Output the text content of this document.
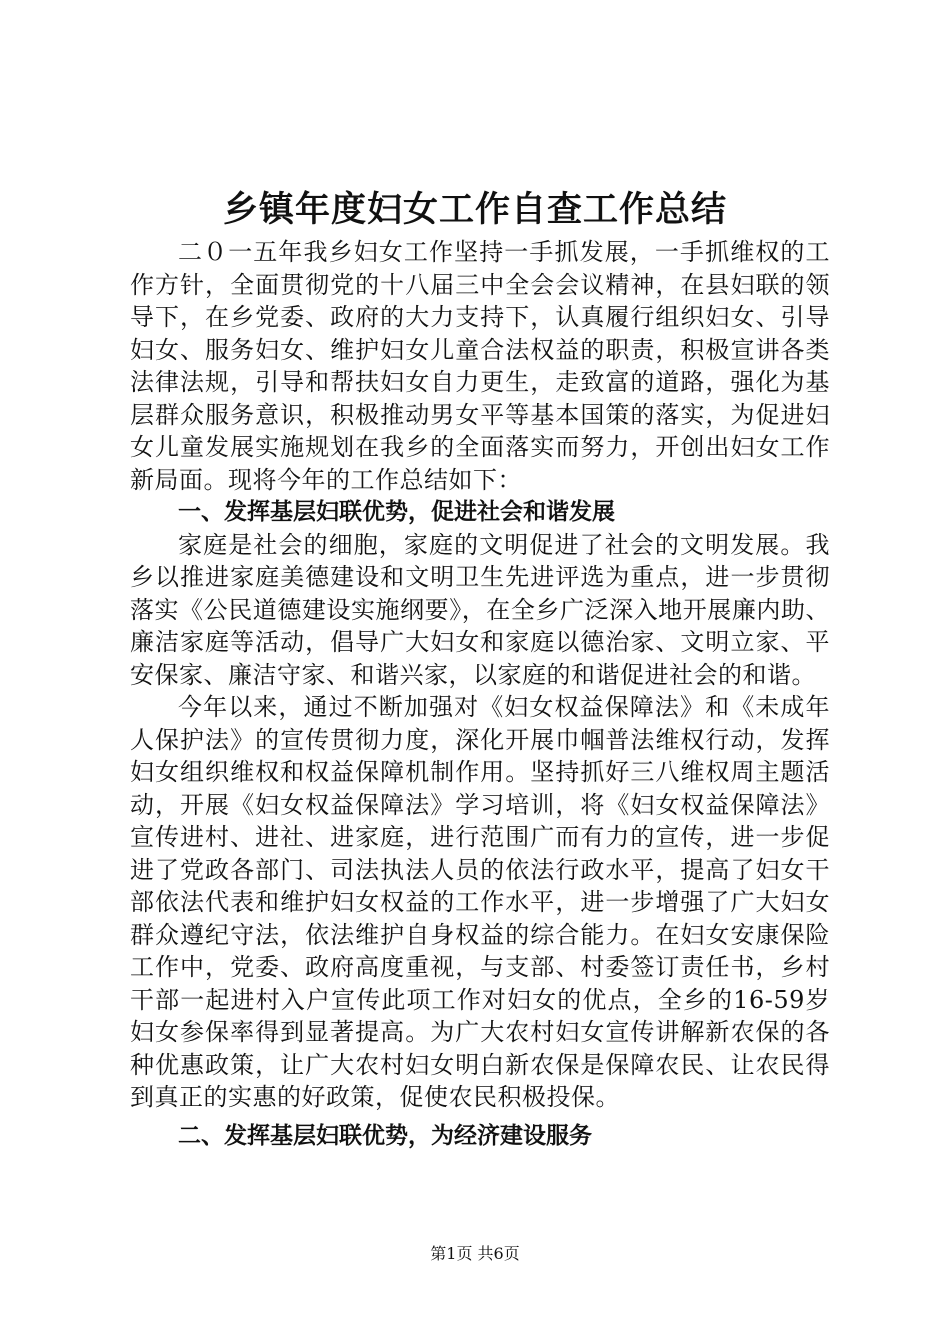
乡镇年度妇女工作自查工作总结

二０一五年我乡妇女工作坚持一手抓发展，一手抓维权的工作方针，全面贯彻党的十八届三中全会会议精神，在县妇联的领导下，在乡党委、政府的大力支持下，认真履行组织妇女、引导妇女、服务妇女、维护妇女儿童合法权益的职责，积极宣讲各类法律法规，引导和帮扶妇女自力更生，走致富的道路，强化为基层群众服务意识，积极推动男女平等基本国策的落实，为促进妇女儿童发展实施规划在我乡的全面落实而努力，开创出妇女工作新局面。现将今年的工作总结如下：

一、发挥基层妇联优势，促进社会和谐发展

家庭是社会的细胞，家庭的文明促进了社会的文明发展。我乡以推进家庭美德建设和文明卫生先进评选为重点，进一步贯彻落实《公民道德建设实施纲要》，在全乡广泛深入地开展廉内助、廉洁家庭等活动，倡导广大妇女和家庭以德治家、文明立家、平安保家、廉洁守家、和谐兴家，以家庭的和谐促进社会的和谐。

今年以来，通过不断加强对《妇女权益保障法》和《未成年人保护法》的宣传贯彻力度，深化开展巾帼普法维权行动，发挥妇女组织维权和权益保障机制作用。坚持抓好三八维权周主题活动，开展《妇女权益保障法》学习培训，将《妇女权益保障法》宣传进村、进社、进家庭，进行范围广而有力的宣传，进一步促进了党政各部门、司法执法人员的依法行政水平，提高了妇女干部依法代表和维护妇女权益的工作水平，进一步增强了广大妇女群众遵纪守法，依法维护自身权益的综合能力。在妇女安康保险工作中，党委、政府高度重视，与支部、村委签订责任书，乡村干部一起进村入户宣传此项工作对妇女的优点，全乡的16-59岁妇女参保率得到显著提高。为广大农村妇女宣传讲解新农保的各种优惠政策，让广大农村妇女明白新农保是保障农民、让农民得到真正的实惠的好政策，促使农民积极投保。

二、发挥基层妇联优势，为经济建设服务

第1页 共6页
